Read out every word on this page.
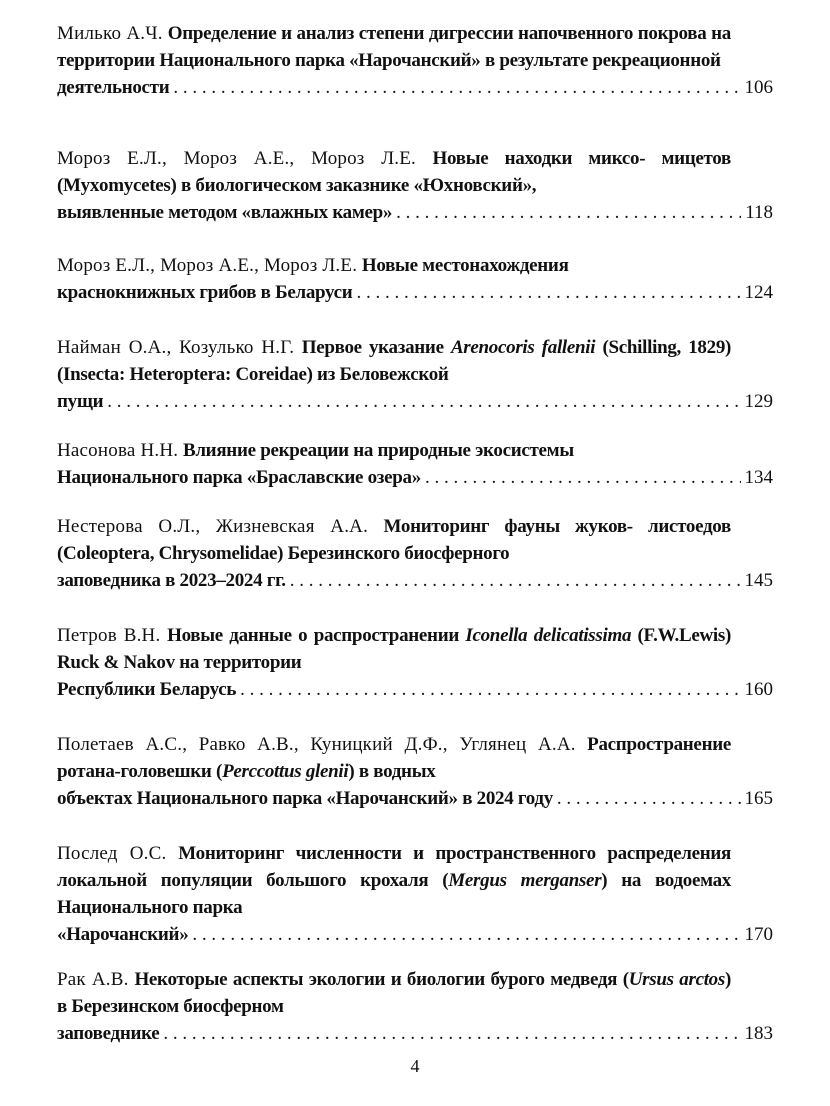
Милько А.Ч. Определение и анализ степени дигрессии напочвенного покрова на территории Национального парка «Нарочанский» в результате рекреационной

деятельности . . .	106

Мороз Е.Л., Мороз А.Е., Мороз Л.Е. Новые находки миксо- мицетов (Myxomycetes) в биологическом заказнике «Юхновский»,

выявленные методом «влажных камер» . . .	118

Мороз Е.Л., Мороз А.Е., Мороз Л.Е. Новые местонахождения

краснокнижных грибов в Беларуси . . .	124

Найман О.А., Козулько Н.Г. Первое указание Arenocoris fallenii (Schilling, 1829) (Insecta: Heteroptera: Coreidae) из Беловежской

пущи . . .	129

Насонова Н.Н. Влияние рекреации на природные экосистемы

Национального парка «Браславские озера» . . .	134

Нестерова О.Л., Жизневская А.А. Мониторинг фауны жуков- листоедов (Coleoptera, Chrysomelidae) Березинского биосферного

заповедника в 2023–2024 гг. . . .	145

Петров В.Н. Новые данные о распространении Iconella delicatissima (F.W.Lewis) Ruck & Nakov на территории

Республики Беларусь . . .	160

Полетаев А.С., Равко А.В., Куницкий Д.Ф., Углянец А.А. Распространение ротана-головешки (Perccottus glenii) в водных

объектах Национального парка «Нарочанский» в 2024 году . . .	165

Послед О.С. Мониторинг численности и пространственного распределения локальной популяции большого крохаля (Mergus merganser) на водоемах Национального парка

«Нарочанский» . . .	170

Рак А.В. Некоторые аспекты экологии и биологии бурого медведя (Ursus arctos) в Березинском биосферном

заповеднике . . .	183
4
